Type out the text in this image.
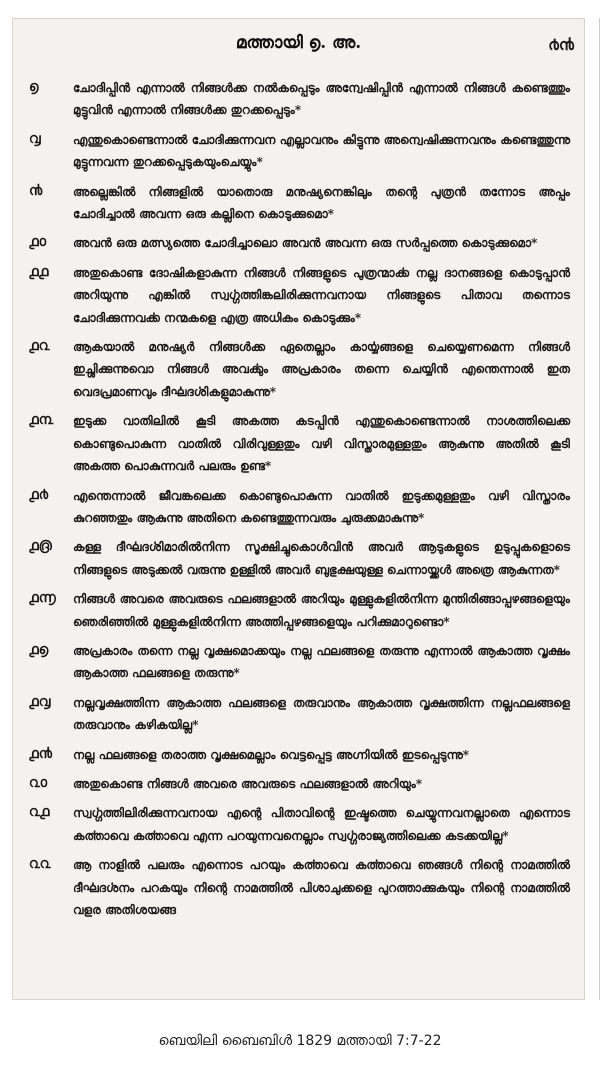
മത്തായി ൭. അ.	൪൯
൭	ചോദിപ്പിൻ എന്നാൽ നിങ്ങൾക്ക നൽകപ്പെടും അന്വേഷിപ്പിൻ എന്നാൽ നിങ്ങൾ കണ്ടെത്തും മുട്ടുവിൻ എന്നാൽ നിങ്ങൾക്ക തുറക്കപ്പെടും*
൮	എന്തുകൊണ്ടെന്നാൽ ചോദിക്കുന്നവന എല്ലാവനും കിട്ടുന്നു അന്വെഷിക്കുന്നവനും കണ്ടെത്തുന്നു മുട്ടുന്നവന്ന തുറക്കപ്പെടുകയുംചെയ്യും*
൯	അല്ലെങ്കിൽ നിങ്ങളിൽ യാതൊരു മനുഷ്യനെങ്കിലും തന്റെ പുത്രൻ തന്നോട അപ്പം ചോദിച്ചാൽ അവന്ന ഒരു കല്ലിനെ കൊടുക്കുമൊ*
൧൦	അവൻ ഒരു മത്സ്യത്തെ ചോദിച്ചാലൊ അവൻ അവന്ന ഒരു സർപ്പത്തെ കൊടുക്കുമൊ*
൧൧	അതുകൊണ്ട ദോഷികളാകുന്ന നിങ്ങൾ നിങ്ങളുടെ പുത്രന്മാൎക്ക നല്ല ദാനങ്ങളെ കൊടുപ്പാൻ അറിയുന്നു എങ്കിൽ സ്വൎഗ്ഗത്തിങ്കലിരിക്കുന്നവനായ നിങ്ങളുടെ പിതാവ തന്നൊട ചോദിക്കുന്നവൎക്ക നന്മകളെ എത്ര അധികം കൊടുക്കും*
൧൨	ആകയാൽ മനുഷ്യർ നിങ്ങൾക്ക ഏതെല്ലാം കാൎയ്യങ്ങളെ ചെയ്യെണമെന്ന നിങ്ങൾ ഇച്ശിക്കുന്നുവൊ നിങ്ങൾ അവൎക്കും അപ്രകാരം തന്നെ ചെയ്യിൻ എന്തെന്നാൽ ഇത വെദപ്രമാണവും ദീൎഘദൎശികളുമാകുന്നു*
൧൩	ഇടുക്ക വാതിലിൽ കൂടി അകത്ത കടപ്പിൻ എന്തുകൊണ്ടെന്നാൽ നാശത്തിലെക്ക കൊണ്ടുപൊകുന്ന വാതിൽ വിരിവുള്ളതും വഴി വിസ്താരമുള്ളതും ആകുന്നു അതിൽ കൂടി അകത്ത പൊകുന്നവർ പലരും ഉണ്ട*
൧൪	എന്തെന്നാൽ ജീവങ്കലെക്ക കൊണ്ടുപൊകുന്ന വാതിൽ ഇടുക്കമുള്ളതും വഴി വിസ്താരം കുറഞ്ഞതും ആകുന്നു അതിനെ കണ്ടെത്തുന്നവരും ചുരുക്കമാകുന്നു*
൧൫	കള്ള ദീൎഘദൎശിമാരിൽനിന്ന സൂക്ഷിച്ചുകൊൾവിൻ അവർ ആടുകളുടെ ഉടുപ്പുകളൊടെ നിങ്ങളുടെ അടുക്കൽ വരുന്നു ഉള്ളിൽ അവർ ബുഭുക്ഷയുള്ള ചെന്നായ്ക്കൾ അത്രെ ആകുന്നത*
൧൬	നിങ്ങൾ അവരെ അവരുടെ ഫലങ്ങളാൽ അറിയും മുള്ളുകളിൽനിന്ന മുന്തിരിങ്ങാപ്പഴങ്ങളെയും ഞെരിഞ്ഞിൽ മുള്ളുകളിൽനിന്ന അത്തിപ്പഴങ്ങളെയും പറിക്കുമാറുണ്ടൊ*
൧൭	അപ്രകാരം തന്നെ നല്ല വൃക്ഷമൊക്കയും നല്ല ഫലങ്ങളെ തരുന്നു എന്നാൽ ആകാത്ത വൃക്ഷം ആകാത്ത ഫലങ്ങളെ തരുന്നു*
൧൮	നല്ലവൃക്ഷത്തിന്ന ആകാത്ത ഫലങ്ങളെ തരുവാനും ആകാത്ത വൃക്ഷത്തിന്ന നല്ലഫലങ്ങളെ തരുവാനും കഴികയില്ല*
൧൯	നല്ല ഫലങ്ങളെ തരാത്ത വൃക്ഷമെല്ലാം വെട്ടപ്പെട്ട അഗ്നിയിൽ ഇടപ്പെടുന്നു*
൨൦	അതുകൊണ്ട നിങ്ങൾ അവരെ അവരുടെ ഫലങ്ങളാൽ അറിയും*
൨൧	സ്വൎഗ്ഗത്തിലിരിക്കുന്നവനായ എന്റെ പിതാവിന്റെ ഇഷ്ടത്തെ ചെയ്യുന്നവനല്ലാതെ എന്നൊട കൎത്താവെ കൎത്താവെ എന്ന പറയുന്നവനെല്ലാം സ്വൎഗ്ഗരാജ്യത്തിലെക്ക കടക്കയില്ല*
൨൨	ആ നാളിൽ പലരും എന്നൊട പറയും കൎത്താവെ കൎത്താവെ ഞങ്ങൾ നിന്റെ നാമത്തിൽ ദീൎഘദൎശനം പറകയും നിന്റെ നാമത്തിൽ പിശാചുക്കളെ പുറത്താക്കുകയും നിന്റെ നാമത്തിൽ വളര അതിശയങ്ങ
ബെയിലി ബൈബിൾ 1829 മത്തായി 7:7-22
